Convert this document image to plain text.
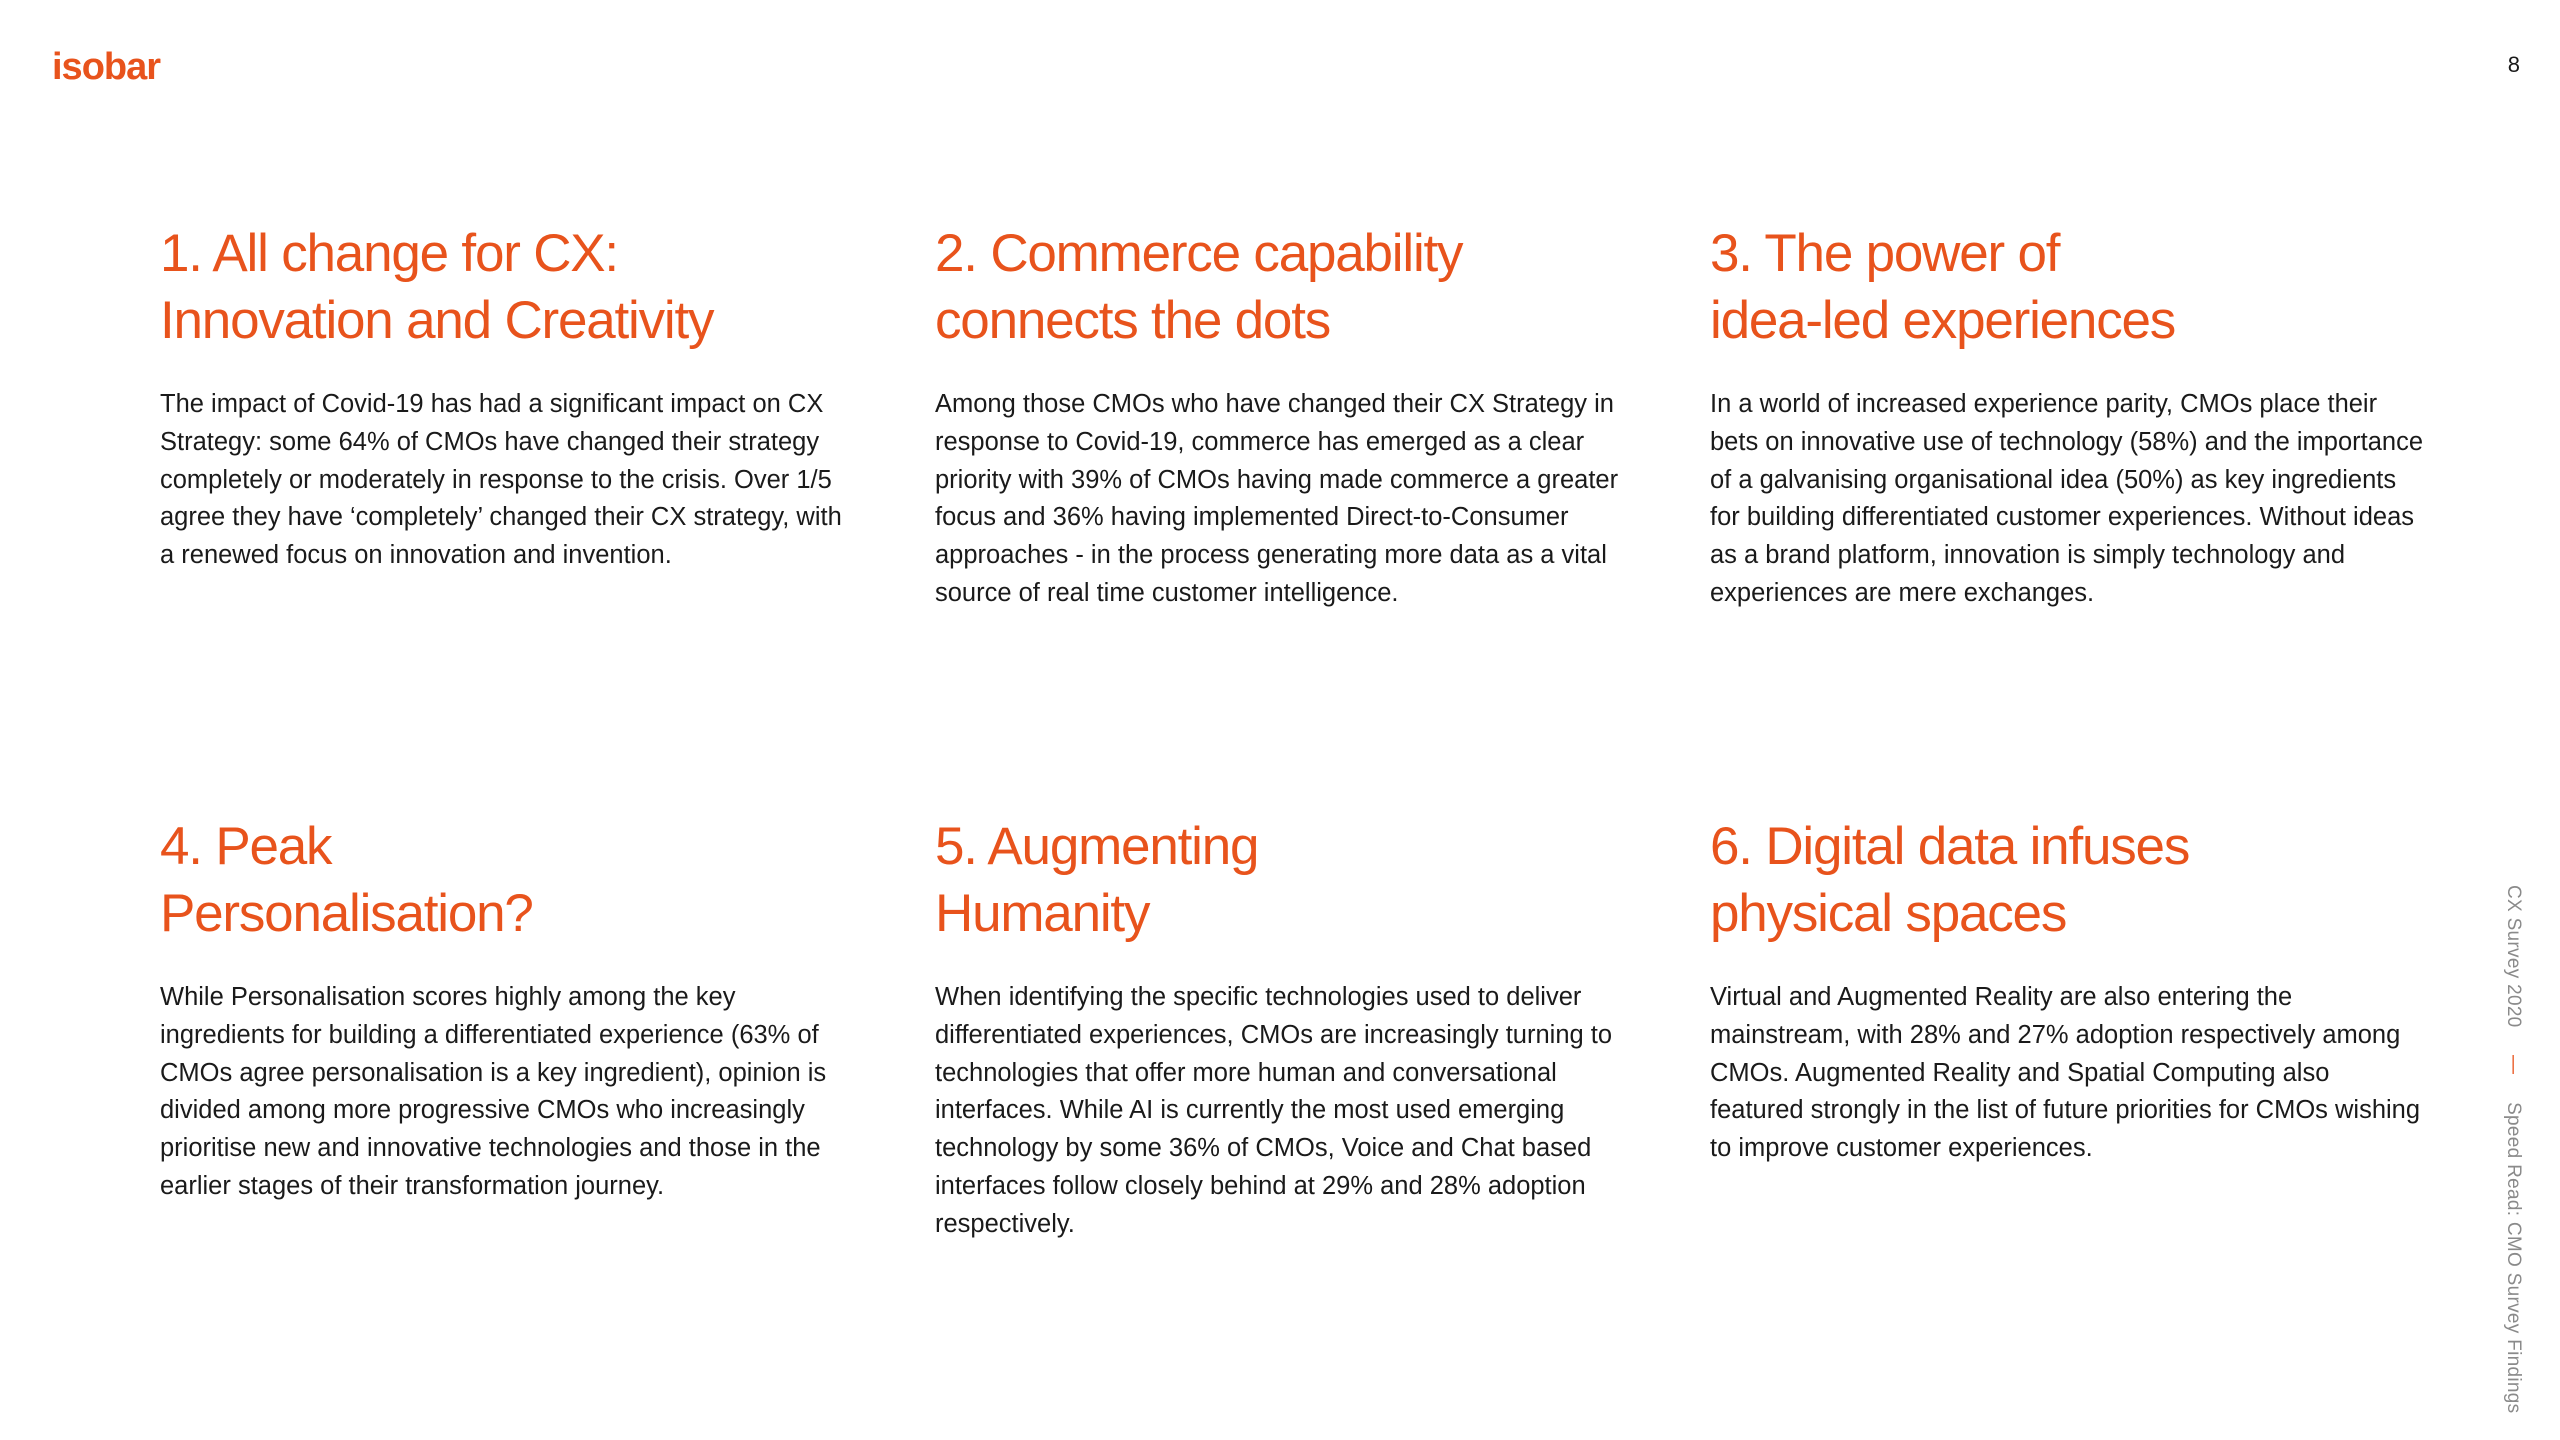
isobar	8
1. All change for CX:
Innovation and Creativity

The impact of Covid-19 has had a significant impact on CX Strategy: some 64% of CMOs have changed their strategy completely or moderately in response to the crisis. Over 1/5 agree they have ‘completely’ changed their CX strategy, with a renewed focus on innovation and invention.

2. Commerce capability
connects the dots

Among those CMOs who have changed their CX Strategy in response to Covid-19, commerce has emerged as a clear priority with 39% of CMOs having made commerce a greater focus and 36% having implemented Direct-to-Consumer approaches - in the process generating more data as a vital source of real time customer intelligence.

3. The power of
idea-led experiences

In a world of increased experience parity, CMOs place their bets on innovative use of technology (58%) and the importance of a galvanising organisational idea (50%) as key ingredients for building differentiated customer experiences. Without ideas as a brand platform, innovation is simply technology and experiences are mere exchanges.

4. Peak
Personalisation?

While Personalisation scores highly among the key ingredients for building a differentiated experience (63% of CMOs agree personalisation is a key ingredient), opinion is divided among more progressive CMOs who increasingly prioritise new and innovative technologies and those in the earlier stages of their transformation journey.

5. Augmenting
Humanity

When identifying the specific technologies used to deliver differentiated experiences, CMOs are increasingly turning to technologies that offer more human and conversational interfaces. While AI is currently the most used emerging technology by some 36% of CMOs, Voice and Chat based interfaces follow closely behind at 29% and 28% adoption respectively.

6. Digital data infuses
physical spaces

Virtual and Augmented Reality are also entering the mainstream, with 28% and 27% adoption respectively among CMOs. Augmented Reality and Spatial Computing also featured strongly in the list of future priorities for CMOs wishing to improve customer experiences.

CX Survey 2020 — Speed Read: CMO Survey Findings
